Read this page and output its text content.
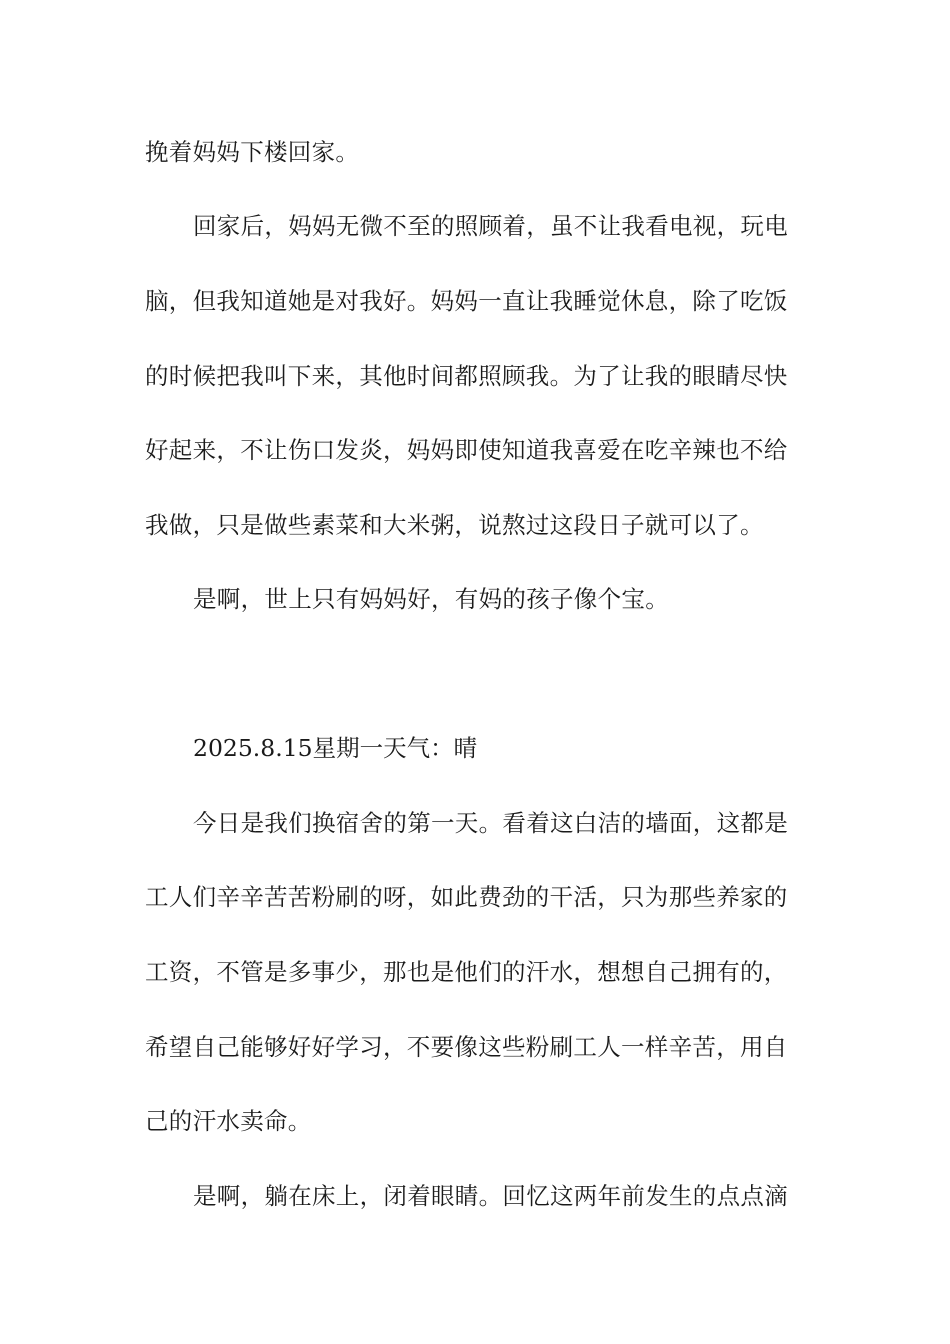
挽着妈妈下楼回家。
回家后，妈妈无微不至的照顾着，虽不让我看电视，玩电
脑，但我知道她是对我好。妈妈一直让我睡觉休息，除了吃饭
的时候把我叫下来，其他时间都照顾我。为了让我的眼睛尽快
好起来，不让伤口发炎，妈妈即使知道我喜爱在吃辛辣也不给
我做，只是做些素菜和大米粥，说熬过这段日子就可以了。
是啊，世上只有妈妈好，有妈的孩子像个宝。
2025.8.15星期一天气：晴
今日是我们换宿舍的第一天。看着这白洁的墙面，这都是
工人们辛辛苦苦粉刷的呀，如此费劲的干活，只为那些养家的
工资，不管是多事少，那也是他们的汗水，想想自己拥有的，
希望自己能够好好学习，不要像这些粉刷工人一样辛苦，用自
己的汗水卖命。
是啊，躺在床上，闭着眼睛。回忆这两年前发生的点点滴
